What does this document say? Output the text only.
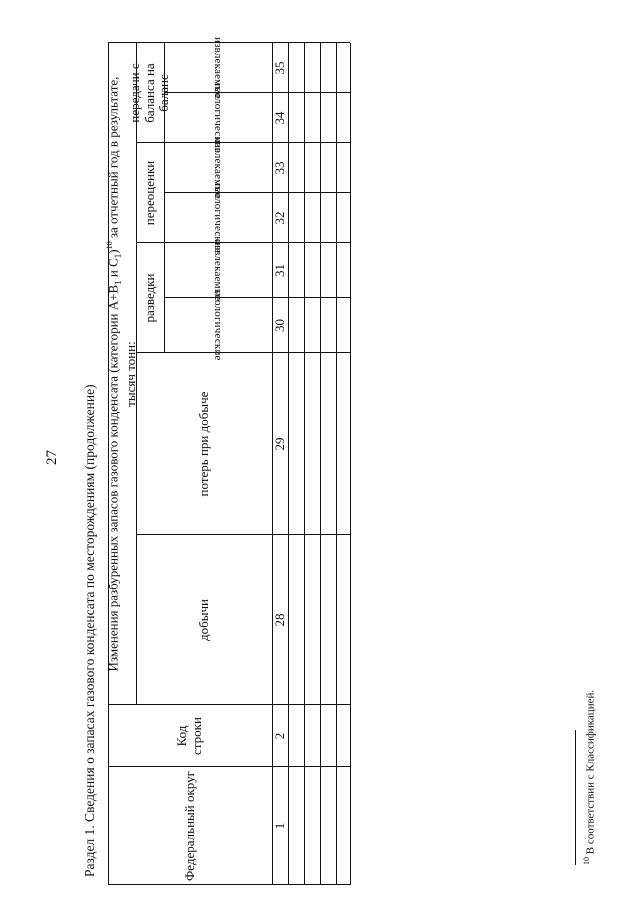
27 Раздел 1. Сведения о запасах газового конденсата по месторождениям (продолжение) Изменения разбуренных запасов газового конденсата (категории $А+В_1$ и $С_1)^{10}$ за отчетный год в результате,
тысяч тонн:
Федеральный округ
Код строки
добычи
потерь при добыче
разведки
переоценки
передачи с баланса на баланс
геологические
извлекаемые
геологические
извлекаемые
геологические
извлекаемые
1
2
28
29
30
31
32
33
34
35
$^{10}$ В соответствии с Классификацией.
